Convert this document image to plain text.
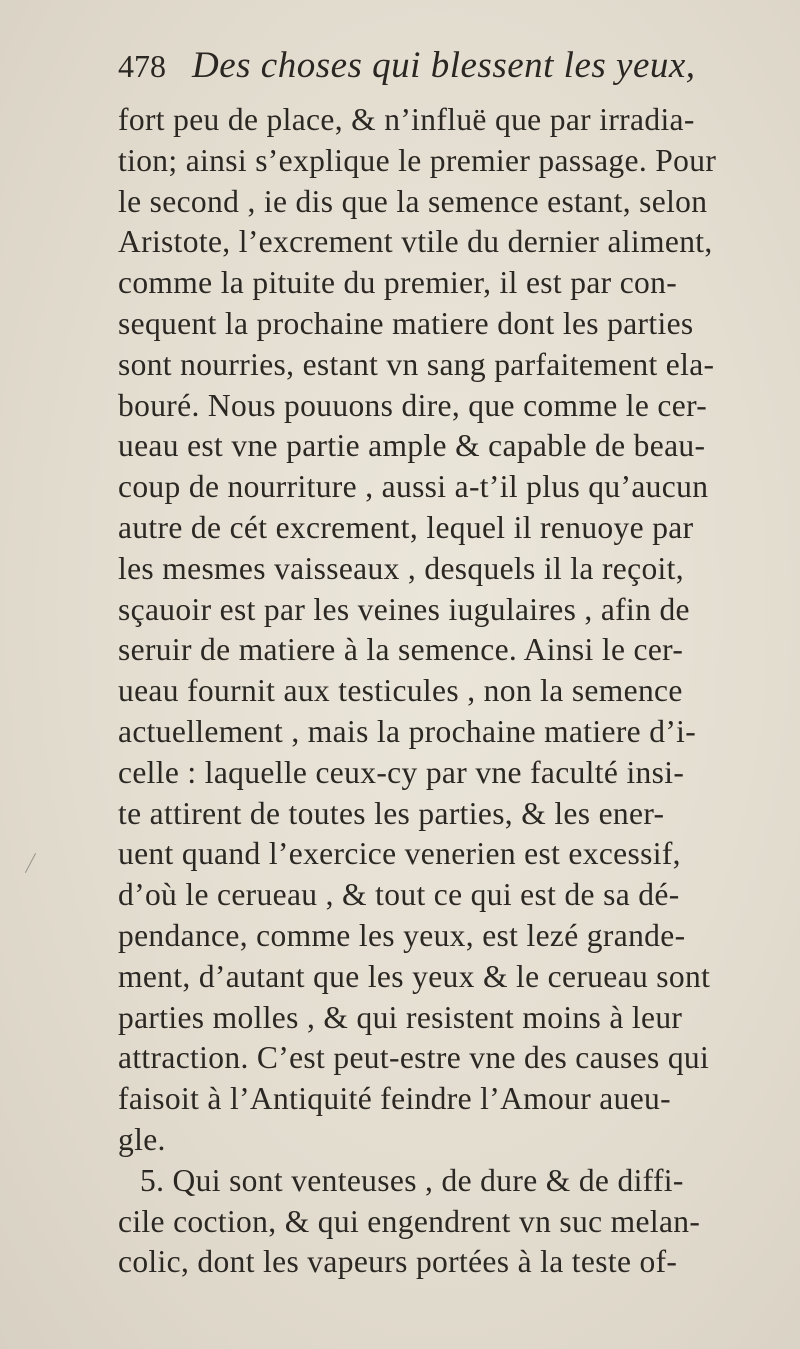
478 Des choses qui blessent les yeux,
fort peu de place, & n’influë que par irradia-
tion; ainsi s’explique le premier passage. Pour
le second , ie dis que la semence estant, selon
Aristote, l’excrement vtile du dernier aliment,
comme la pituite du premier, il est par con-
sequent la prochaine matiere dont les parties
sont nourries, estant vn sang parfaitement ela-
bouré. Nous pouuons dire, que comme le cer-
ueau est vne partie ample & capable de beau-
coup de nourriture , aussi a-t’il plus qu’aucun
autre de cét excrement, lequel il renuoye par
les mesmes vaisseaux , desquels il la reçoit,
sçauoir est par les veines iugulaires , afin de
seruir de matiere à la semence. Ainsi le cer-
ueau fournit aux testicules , non la semence
actuellement , mais la prochaine matiere d’i-
celle : laquelle ceux-cy par vne faculté insi-
te attirent de toutes les parties, & les ener-
uent quand l’exercice venerien est excessif,
d’où le cerueau , & tout ce qui est de sa dé-
pendance, comme les yeux, est lezé grande-
ment, d’autant que les yeux & le cerueau sont
parties molles , & qui resistent moins à leur
attraction. C’est peut-estre vne des causes qui
faisoit à l’Antiquité feindre l’Amour aueu-
gle.
5. Qui sont venteuses , de dure & de diffi-
cile coction, & qui engendrent vn suc melan-
colic, dont les vapeurs portées à la teste of-
